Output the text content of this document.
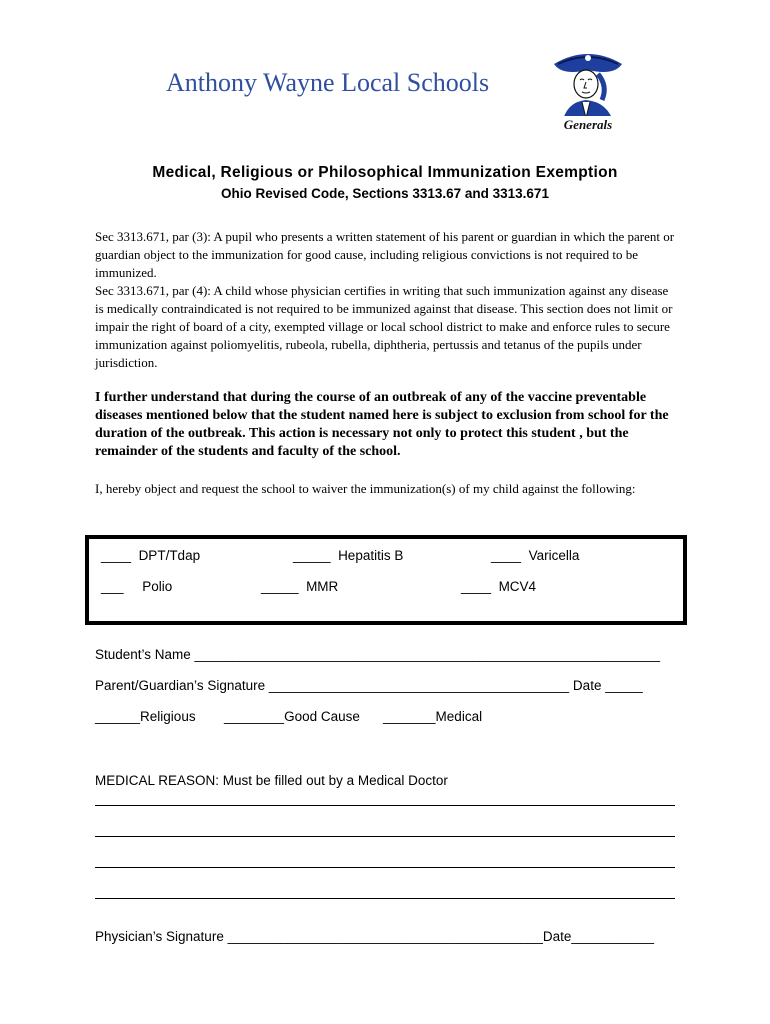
Anthony Wayne Local Schools
Generals
Medical, Religious or Philosophical Immunization Exemption
Ohio Revised Code, Sections 3313.67 and 3313.671
Sec 3313.671, par (3): A pupil who presents a written statement of his parent or guardian in which the parent or guardian object to the immunization for good cause, including religious convictions is not required to be immunized.
Sec 3313.671, par (4): A child whose physician certifies in writing that such immunization against any disease is medically contraindicated is not required to be immunized against that disease. This section does not limit or impair the right of board of a city, exempted village or local school district to make and enforce rules to secure immunization against poliomyelitis, rubeola, rubella, diphtheria, pertussis and tetanus of the pupils under jurisdiction.
I further understand that during the course of an outbreak of any of the vaccine preventable diseases mentioned below that the student named here is subject to exclusion from school for the duration of the outbreak. This action is necessary not only to protect this student , but the remainder of the students and faculty of the school.
I, hereby object and request the school to waiver the immunization(s) of my child against the following:
____ DPT/Tdap	_____ Hepatitis B	____ Varicella
___ Polio	_____ MMR	____ MCV4
Student’s Name ______________________________________________________________
Parent/Guardian’s Signature ________________________________________ Date _____
______Religious ________Good Cause _______Medical
MEDICAL REASON: Must be filled out by a Medical Doctor
Physician’s Signature __________________________________________Date___________
